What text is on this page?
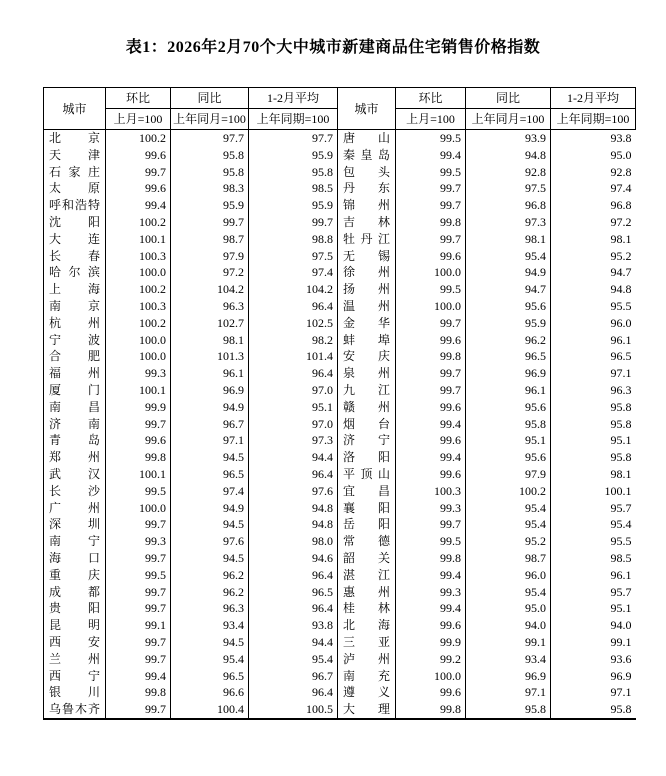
表1：2026年2月70个大中城市新建商品住宅销售价格指数
城市	环比	同比	1-2月平均	城市	环比	同比	1-2月平均
	上月=100	上年同月=100	上年同期=100		上月=100	上年同月=100	上年同期=100
北京	100.2	97.7	97.7	唐山	99.5	93.9	93.8
天津	99.6	95.8	95.9	秦皇岛	99.4	94.8	95.0
石家庄	99.7	95.8	95.8	包头	99.5	92.8	92.8
太原	99.6	98.3	98.5	丹东	99.7	97.5	97.4
呼和浩特	99.4	95.9	95.9	锦州	99.7	96.8	96.8
沈阳	100.2	99.7	99.7	吉林	99.8	97.3	97.2
大连	100.1	98.7	98.8	牡丹江	99.7	98.1	98.1
长春	100.3	97.9	97.5	无锡	99.6	95.4	95.2
哈尔滨	100.0	97.2	97.4	徐州	100.0	94.9	94.7
上海	100.2	104.2	104.2	扬州	99.5	94.7	94.8
南京	100.3	96.3	96.4	温州	100.0	95.6	95.5
杭州	100.2	102.7	102.5	金华	99.7	95.9	96.0
宁波	100.0	98.1	98.2	蚌埠	99.6	96.2	96.1
合肥	100.0	101.3	101.4	安庆	99.8	96.5	96.5
福州	99.3	96.1	96.4	泉州	99.7	96.9	97.1
厦门	100.1	96.9	97.0	九江	99.7	96.1	96.3
南昌	99.9	94.9	95.1	赣州	99.6	95.6	95.8
济南	99.7	96.7	97.0	烟台	99.4	95.8	95.8
青岛	99.6	97.1	97.3	济宁	99.6	95.1	95.1
郑州	99.8	94.5	94.4	洛阳	99.4	95.6	95.8
武汉	100.1	96.5	96.4	平顶山	99.6	97.9	98.1
长沙	99.5	97.4	97.6	宜昌	100.3	100.2	100.1
广州	100.0	94.9	94.8	襄阳	99.3	95.4	95.7
深圳	99.7	94.5	94.8	岳阳	99.7	95.4	95.4
南宁	99.3	97.6	98.0	常德	99.5	95.2	95.5
海口	99.7	94.5	94.6	韶关	99.8	98.7	98.5
重庆	99.5	96.2	96.4	湛江	99.4	96.0	96.1
成都	99.7	96.2	96.5	惠州	99.3	95.4	95.7
贵阳	99.7	96.3	96.4	桂林	99.4	95.0	95.1
昆明	99.1	93.4	93.8	北海	99.6	94.0	94.0
西安	99.7	94.5	94.4	三亚	99.9	99.1	99.1
兰州	99.7	95.4	95.4	泸州	99.2	93.4	93.6
西宁	99.4	96.5	96.7	南充	100.0	96.9	96.9
银川	99.8	96.6	96.4	遵义	99.6	97.1	97.1
乌鲁木齐	99.7	100.4	100.5	大理	99.8	95.8	95.8
